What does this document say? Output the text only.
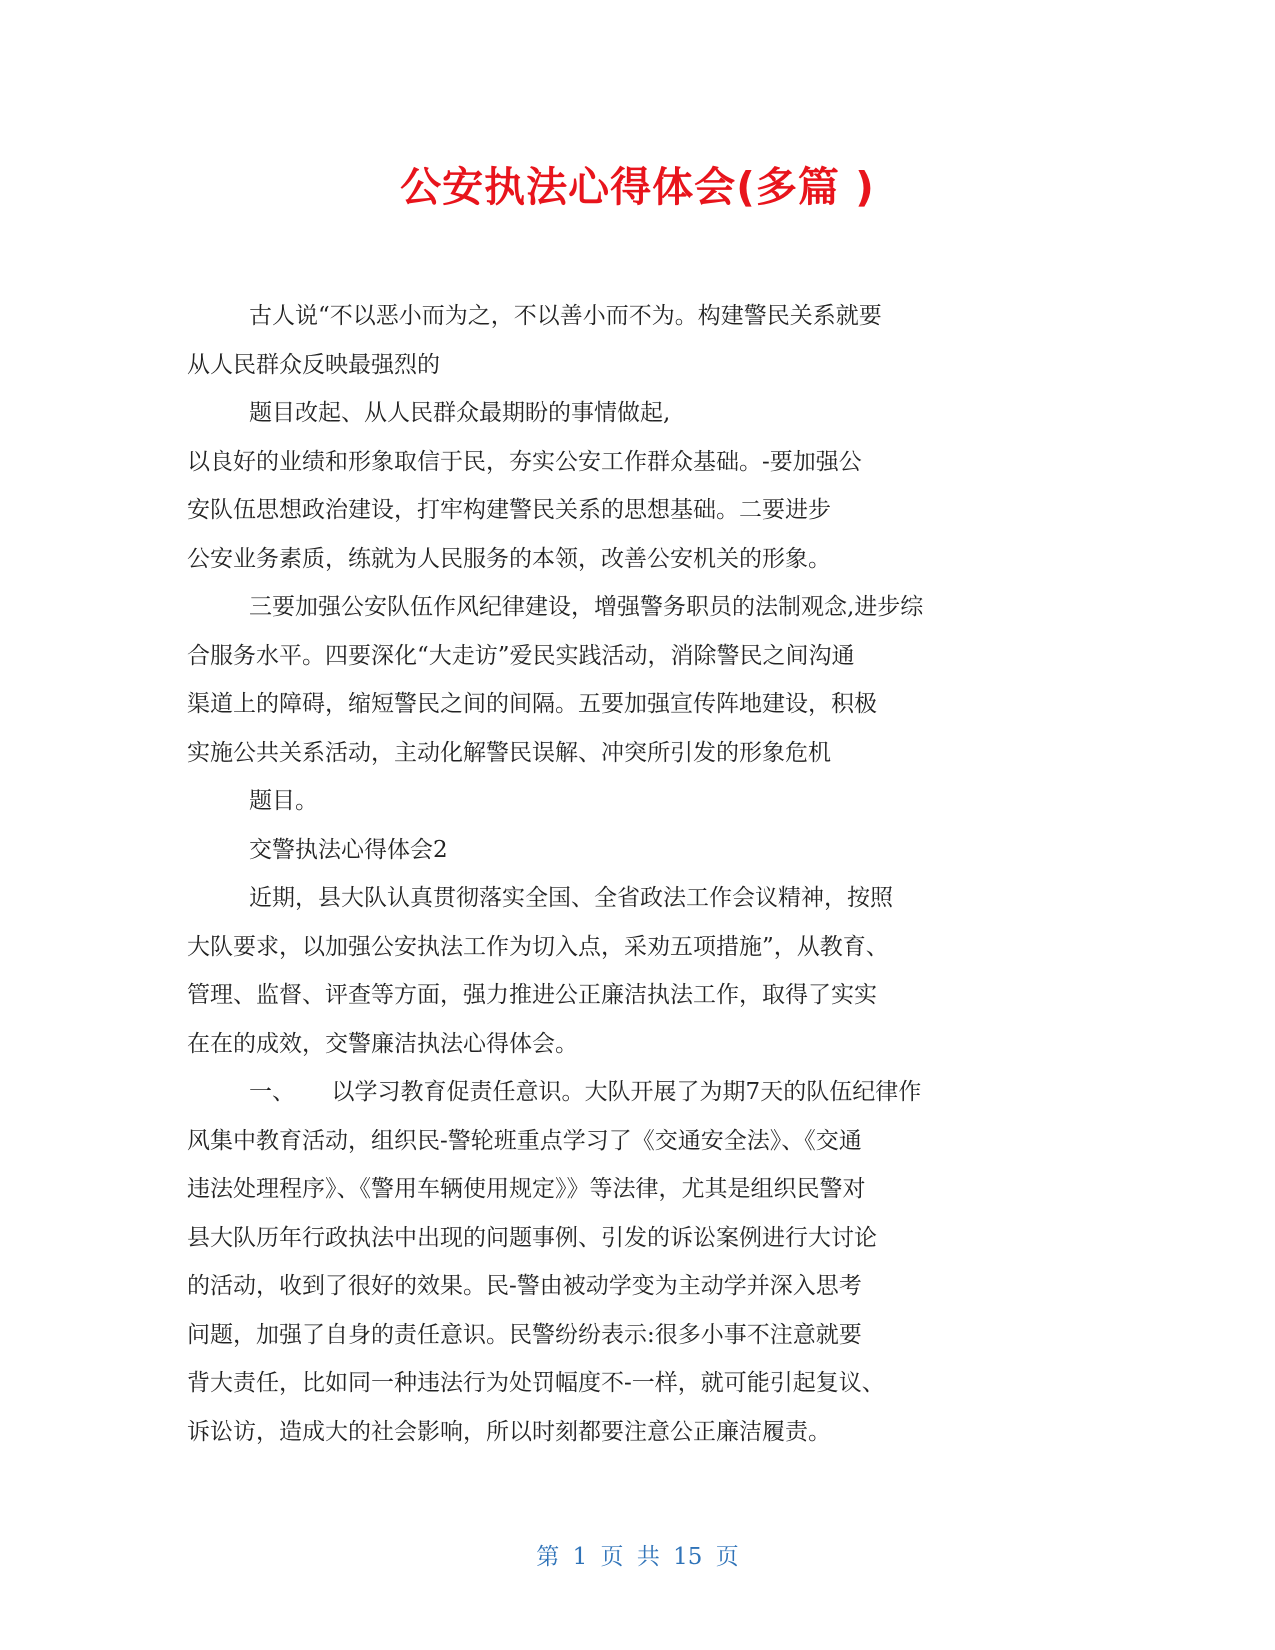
公安执法心得体会(多篇 )
古人说“不以恶小而为之，不以善小而不为。构建警民关系就要
从人民群众反映最强烈的
题目改起、从人民群众最期盼的事情做起,
以良好的业绩和形象取信于民，夯实公安工作群众基础。-要加强公
安队伍思想政治建设，打牢构建警民关系的思想基础。二要进步
公安业务素质，练就为人民服务的本领，改善公安机关的形象。
三要加强公安队伍作风纪律建设，增强警务职员的法制观念,进步综
合服务水平。四要深化“大走访”爱民实践活动，消除警民之间沟通
渠道上的障碍，缩短警民之间的间隔。五要加强宣传阵地建设，积极
实施公共关系活动，主动化解警民误解、冲突所引发的形象危机
题目。
交警执法心得体会2
近期，县大队认真贯彻落实全国、全省政法工作会议精神，按照
大队要求，以加强公安执法工作为切入点，采劝五项措施”，从教育、
管理、监督、评查等方面，强力推进公正廉洁执法工作，取得了实实
在在的成效，交警廉洁执法心得体会。
一、     以学习教育促责任意识。大队开展了为期7天的队伍纪律作
风集中教育活动，组织民-警轮班重点学习了《交通安全法》、《交通
违法处理程序》、《警用车辆使用规定》》等法律，尤其是组织民警对
县大队历年行政执法中出现的问题事例、引发的诉讼案例进行大讨论
的活动，收到了很好的效果。民-警由被动学变为主动学并深入思考
问题，加强了自身的责任意识。民警纷纷表示:很多小事不注意就要
背大责任，比如同一种违法行为处罚幅度不-一样，就可能引起复议、
诉讼访，造成大的社会影响，所以时刻都要注意公正廉洁履责。
第 1 页 共 15 页
